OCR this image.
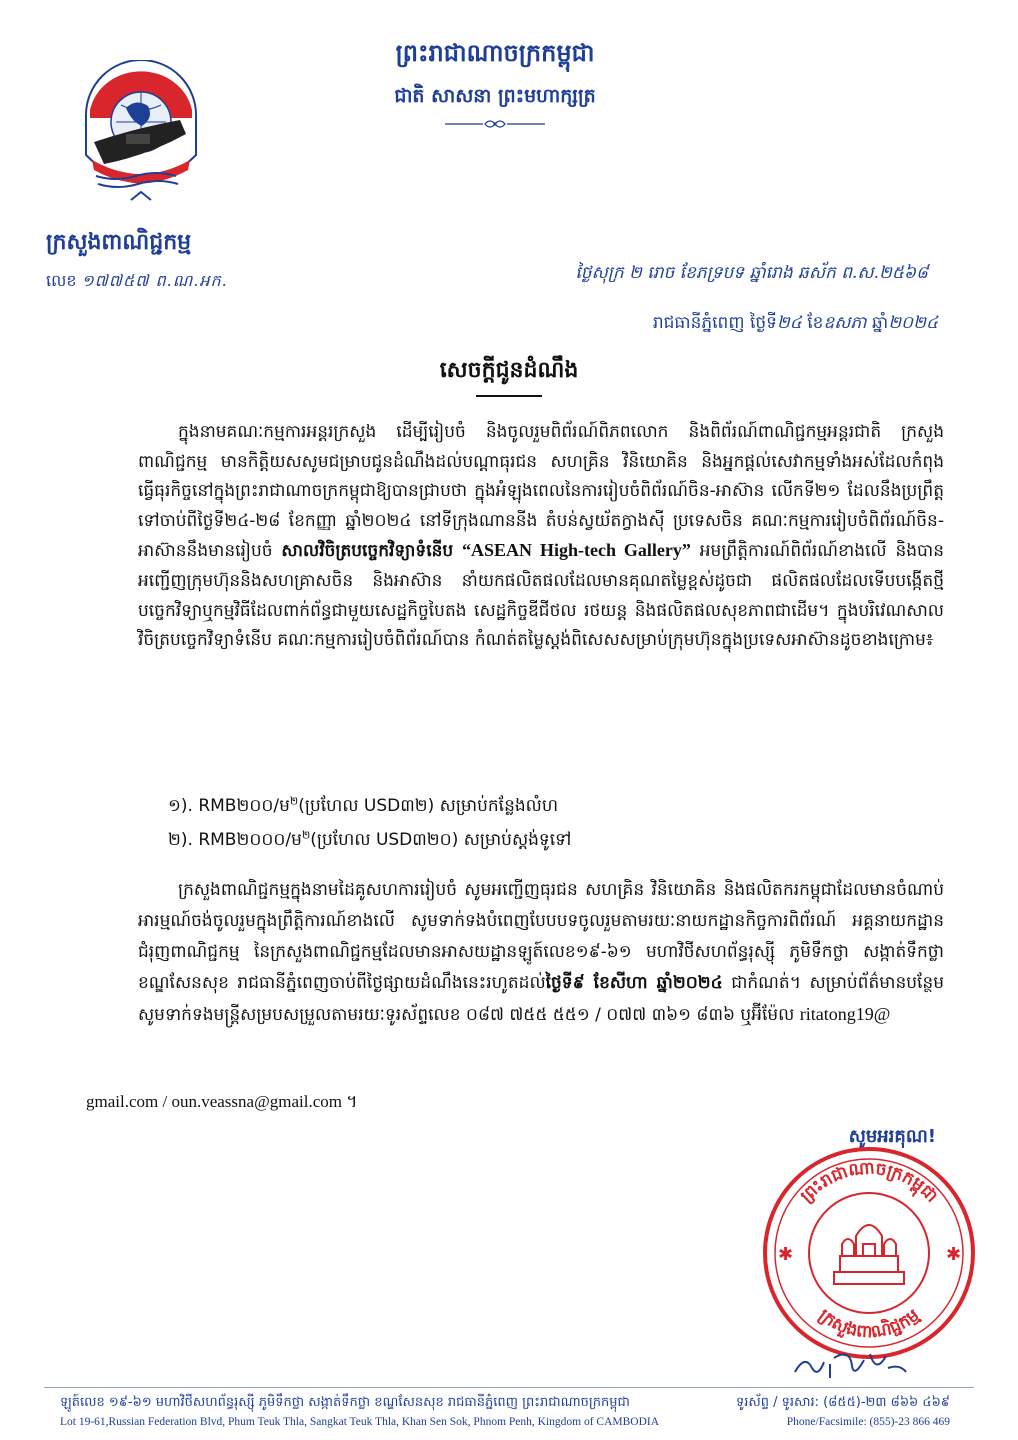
ព្រះរាជាណាចក្រកម្ពុជា
ជាតិ សាសនា ព្រះមហាក្សត្រ
ក្រសួងពាណិជ្ជកម្ម
លេខ ១៧៧៥៧ ព.ណ.អក.	ថ្ងៃសុក្រ ២ រោច ខែភទ្របទ ឆ្នាំរោង ឆស័ក ព.ស.២៥៦៨
រាជធានីភ្នំពេញ ថ្ងៃទី២៤ ខែឧសភា ឆ្នាំ២០២៤
សេចក្តីជូនដំណឹង

ក្នុងនាមគណៈកម្មការអន្តរក្រសួង ដើម្បីរៀបចំ និងចូលរួមពិព័រណ៍ពិភពលោក និងពិព័រណ៍ពាណិជ្ជកម្មអន្តរជាតិ ក្រសួងពាណិជ្ជកម្ម មានកិត្តិយសសូមជម្រាបជូនដំណឹងដល់បណ្តាធុរជន សហគ្រិន វិនិយោគិន និងអ្នកផ្តល់សេវាកម្មទាំងអស់ដែលកំពុងធ្វើធុរកិច្ចនៅក្នុងព្រះរាជាណាចក្រកម្ពុជាឱ្យបានជ្រាបថា ក្នុងអំឡុងពេលនៃការរៀបចំពិព័រណ៍ចិន-អាស៊ាន លើកទី២១ ដែលនឹងប្រព្រឹត្តទៅចាប់ពីថ្ងៃទី២៤-២៨ ខែកញ្ញា ឆ្នាំ២០២៤ នៅទីក្រុងណាននីង តំបន់ស្វយ័តក្វាងស៊ី ប្រទេសចិន គណៈកម្មការរៀបចំពិព័រណ៍ចិន-អាស៊ាននឹងមានរៀបចំ សាលវិចិត្របច្ចេកវិទ្យាទំនើប “ASEAN High-tech Gallery” អមព្រឹត្តិការណ៍ពិព័រណ៍ខាងលើ និងបានអញ្ជើញក្រុមហ៊ុននិងសហគ្រាសចិន និងអាស៊ាន នាំយកផលិតផលដែលមានគុណតម្លៃខ្ពស់ដូចជា ផលិតផលដែលទើបបង្កើតថ្មី បច្ចេកវិទ្យាឬកម្មវិធីដែលពាក់ព័ន្ធជាមួយសេដ្ឋកិច្ចបៃតង សេដ្ឋកិច្ចឌីជីថល រថយន្ត និងផលិតផលសុខភាពជាដើម។ ក្នុងបរិវេណសាលវិចិត្របច្ចេកវិទ្យាទំនើប គណៈកម្មការរៀបចំពិព័រណ៍បាន កំណត់តម្លៃស្តង់ពិសេសសម្រាប់ក្រុមហ៊ុនក្នុងប្រទេសអាស៊ានដូចខាងក្រោម៖

១). RMB២០០/ម$^២$(ប្រហែល USD៣២) សម្រាប់កន្លែងលំហ
២). RMB២០០០/ម$^២$(ប្រហែល USD៣២០) សម្រាប់ស្តង់ទូទៅ

ក្រសួងពាណិជ្ជកម្មក្នុងនាមដៃគូសហការរៀបចំ សូមអញ្ជើញធុរជន សហគ្រិន វិនិយោគិន និងផលិតករកម្ពុជាដែលមានចំណាប់អារម្មណ៍ចង់ចូលរួមក្នុងព្រឹត្តិការណ៍ខាងលើ សូមទាក់ទងបំពេញបែបបទចូលរួមតាមរយៈនាយកដ្ឋានកិច្ចការពិព័រណ៍ អគ្គនាយកដ្ឋានជំរុញពាណិជ្ជកម្ម នៃក្រសួងពាណិជ្ជកម្មដែលមានអាសយដ្ឋានឡូត៍លេខ១៩-៦១ មហាវិថីសហព័ន្ធរុស្ស៊ី ភូមិទឹកថ្លា សង្កាត់ទឹកថ្លា ខណ្ឌសែនសុខ រាជធានីភ្នំពេញចាប់ពីថ្ងៃផ្សាយដំណឹងនេះរហូតដល់ថ្ងៃទី៩ ខែសីហា ឆ្នាំ២០២៤ ជាកំណត់។ សម្រាប់ព័ត៌មានបន្ថែម សូមទាក់ទងមន្ត្រីសម្របសម្រួលតាមរយៈទូរស័ព្ទលេខ ០៨៧ ៧៥៥ ៥៥១ / ០៧៧ ៣៦១ ៨៣៦ ឬអ៊ីម៉ែល ritatong19@

gmail.com / oun.veassna@gmail.com ។
សូមអរគុណ!
ព្រះរាជាណាចក្រកម្ពុជា
ក្រសួងពាណិជ្ជកម្ម
✱	✱
ឡូត៍លេខ ១៩-៦១ មហាវិថីសហព័ន្ធរុស្ស៊ី ភូមិទឹកថ្លា សង្កាត់ទឹកថ្លា ខណ្ឌសែនសុខ រាជធានីភ្នំពេញ ព្រះរាជាណាចក្រកម្ពុជា	ទូរស័ព្ទ / ទូរសារ: (៨៥៥)-២៣ ៨៦៦ ៤៦៩
Lot 19-61,Russian Federation Blvd, Phum Teuk Thla, Sangkat Teuk Thla, Khan Sen Sok, Phnom Penh, Kingdom of CAMBODIA	Phone/Facsimile: (855)-23 866 469
